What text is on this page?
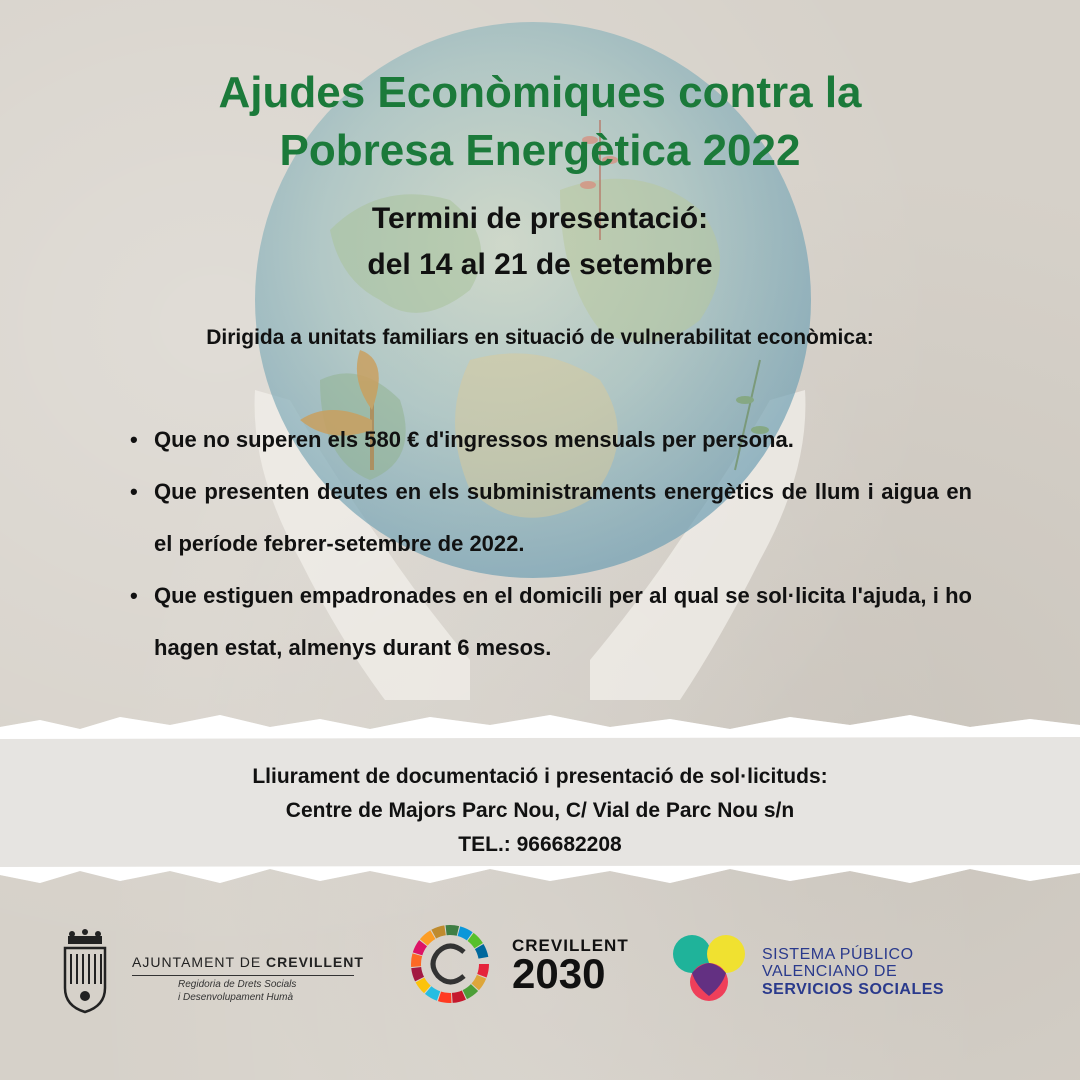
Ajudes Econòmiques contra la
Pobresa Energètica 2022
Termini de presentació:
del 14 al 21 de setembre
Dirigida a unitats familiars en situació de vulnerabilitat econòmica:
• Que no superen els 580 € d'ingressos mensuals per persona.
• Que presenten deutes en els subministraments energètics de llum i aigua en el període febrer-setembre de 2022.
• Que estiguen empadronades en el domicili per al qual se sol·licita l'ajuda, i ho hagen estat, almenys durant 6 mesos.
Lliurament de documentació i presentació de sol·licituds:
Centre de Majors Parc Nou, C/ Vial de Parc Nou s/n
TEL.: 966682208
AJUNTAMENT DE CREVILLENT
Regidoria de Drets Socials
i Desenvolupament Humà
CREVILLENT
2030	SISTEMA PÚBLICO
VALENCIANO DE
SERVICIOS SOCIALES
